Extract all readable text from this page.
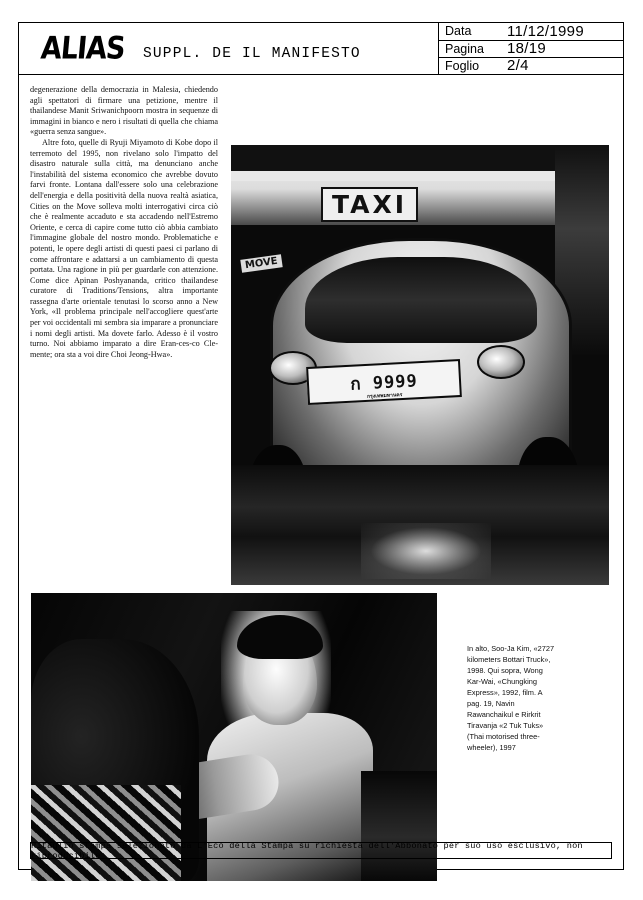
ALIAS SUPPL. DE IL MANIFESTO
Data	11/12/1999
Pagina	18/19
Foglio	2/4

degenerazione della democrazia in Malesia, chiedendo agli spettatori di firmare una petizione, mentre il thailandese Manit Sriwanichpoorn mostra in sequenze di immagini in bianco e nero i risultati di quella che chiama «guerra senza sangue».

Altre foto, quelle di Ryuji Miyamoto di Kobe dopo il terremoto del 1995, non rivelano solo l'impatto del disastro naturale sulla città, ma denunciano anche l'instabilità del sistema economico che avrebbe dovuto farvi fronte. Lontana dall'essere solo una celebrazione dell'energia e della positività della nuova realtà asiatica, Cities on the Move solleva molti interrogativi circa ciò che è realmente accaduto e sta accadendo nell'Estremo Oriente, e cerca di capire come tutto ciò abbia cambiato l'immagine globale del nostro mondo. Problematiche e potenti, le opere degli artisti di questi paesi ci parlano di come affrontare e adattarsi a un cambiamento di questa portata. Una ragione in più per guardarle con attenzione. Come dice Apinan Poshyananda, critico thailandese curatore di Traditions/Tensions, altra importante rassegna d'arte orientale tenutasi lo scorso anno a New York, «Il problema principale nell'accogliere quest'arte per voi occidentali mi sembra sia imparare a pronunciare i nomi degli artisti. Ma dovete farlo. Adesso è il vostro turno. Noi abbiamo imparato a dire Eran-ces-co Cle-mente; ora sta a voi dire Choi Jeong-Hwa».

TAXI
MOVE
ก 9999
กรุงเทพมหานคร
In alto, Soo-Ja Kim, «2727 kilometers Bottari Truck», 1998. Qui sopra, Wong Kar-Wai, «Chungking Express», 1992, film. A pag. 19, Navin Rawanchaikul e Rirkrit Tiravanja «2 Tuk Tuks» (Thai motorised three-wheeler), 1997
Ritaglio stampa selezionato da L'Eco della Stampa su richiesta dell'Abbonato per suo uso esclusivo, non riproducibile
